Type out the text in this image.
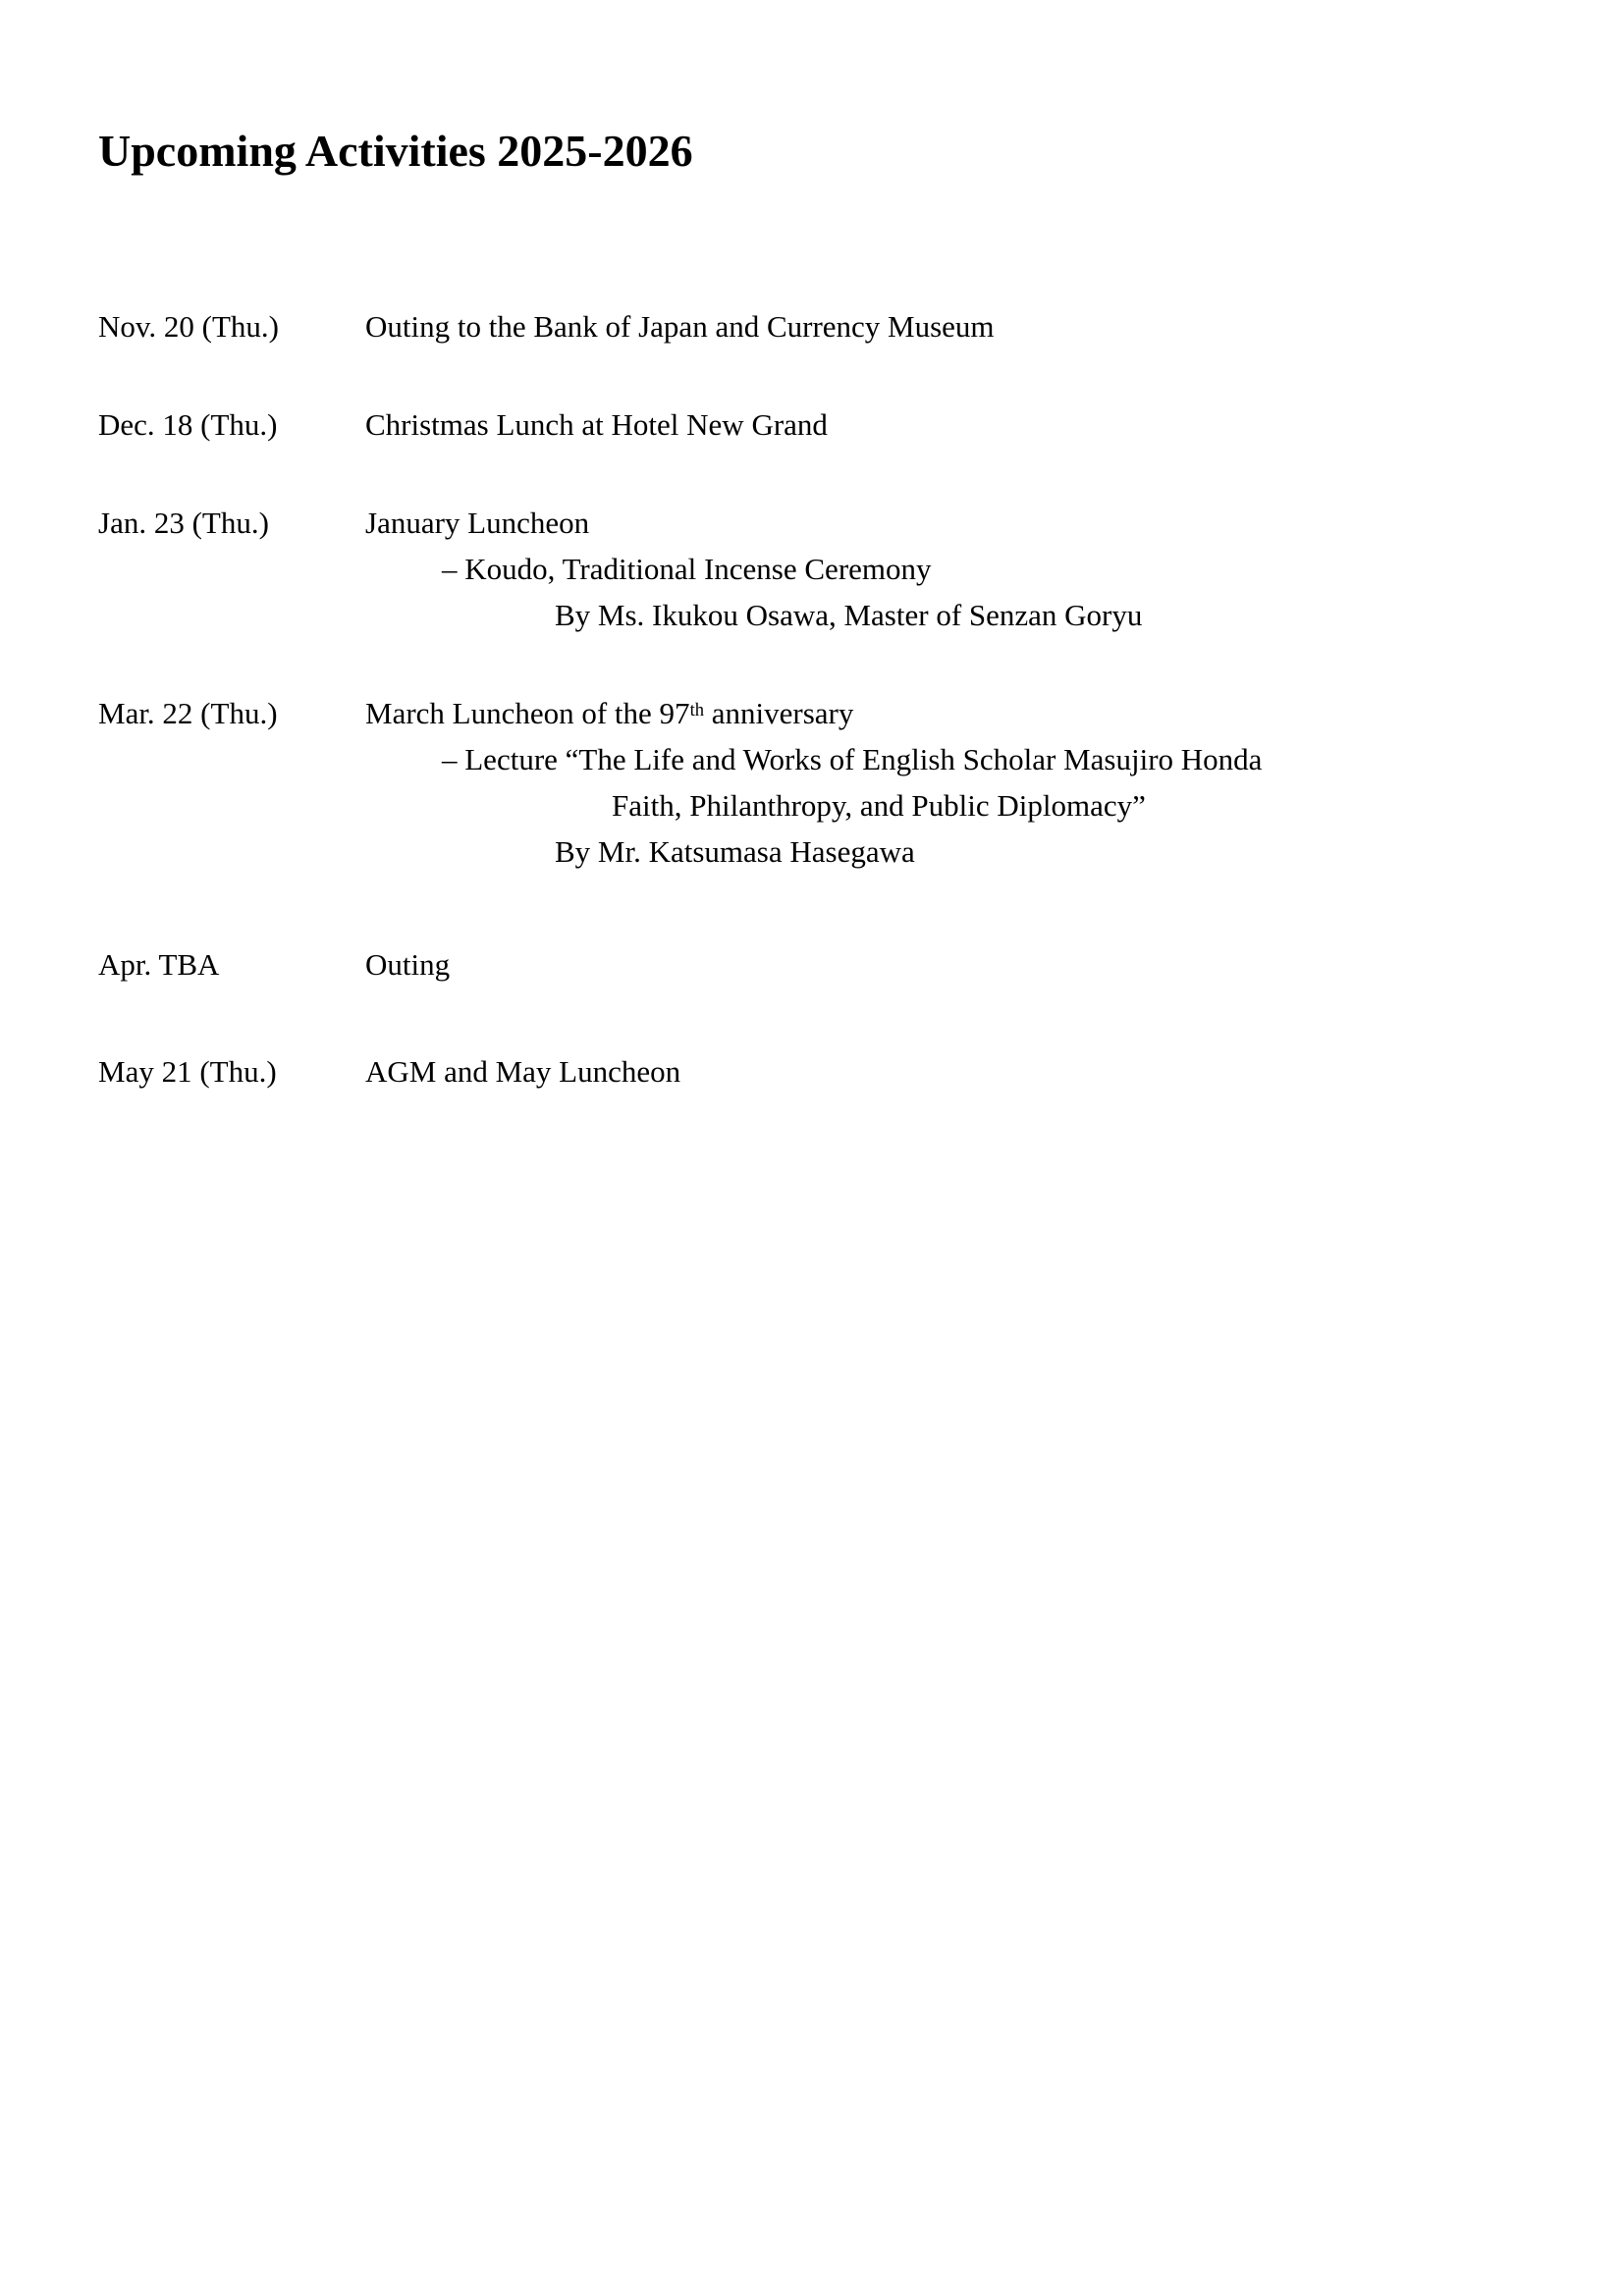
Upcoming Activities 2025-2026
Nov. 20 (Thu.)	Outing to the Bank of Japan and Currency Museum
Dec. 18 (Thu.)	Christmas Lunch at Hotel New Grand
Jan. 23 (Thu.)	January Luncheon
– Koudo, Traditional Incense Ceremony
By Ms. Ikukou Osawa, Master of Senzan Goryu
Mar. 22 (Thu.)	March Luncheon of the 97th anniversary
– Lecture “The Life and Works of English Scholar Masujiro Honda
Faith, Philanthropy, and Public Diplomacy”
By Mr. Katsumasa Hasegawa
Apr. TBA	Outing
May 21 (Thu.)	AGM and May Luncheon
